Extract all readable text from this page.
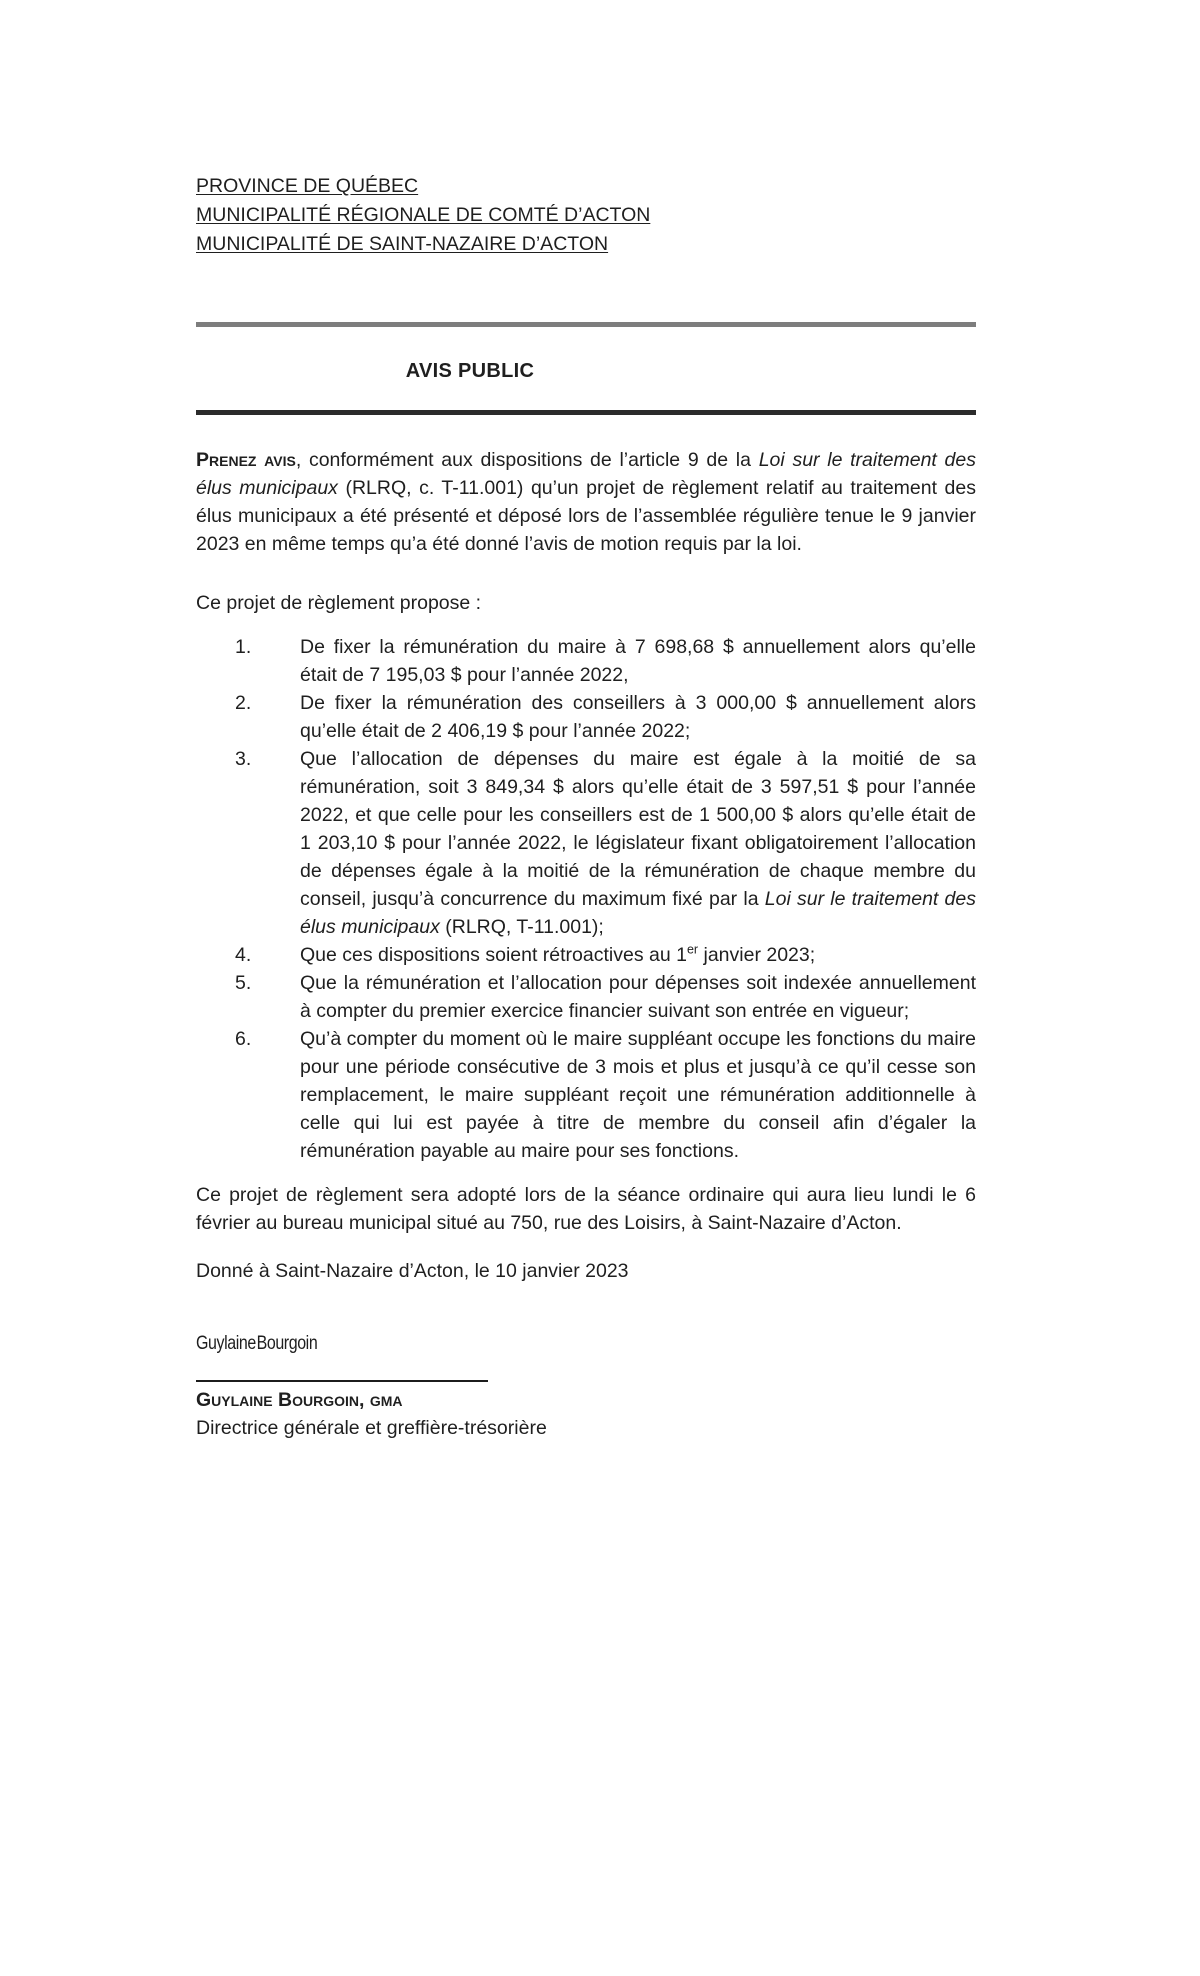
PROVINCE DE QUÉBEC
MUNICIPALITÉ RÉGIONALE DE COMTÉ D’ACTON
MUNICIPALITÉ DE SAINT-NAZAIRE D’ACTON
AVIS PUBLIC

Prenez avis, conformément aux dispositions de l’article 9 de la Loi sur le traitement des élus municipaux (RLRQ, c. T-11.001) qu’un projet de règlement relatif au traitement des élus municipaux a été présenté et déposé lors de l’assemblée régulière tenue le 9 janvier 2023 en même temps qu’a été donné l’avis de motion requis par la loi.

Ce projet de règlement propose :

1.	De fixer la rémunération du maire à 7 698,68 $ annuellement alors qu’elle était de 7 195,03 $ pour l’année 2022,
2.	De fixer la rémunération des conseillers à 3 000,00 $ annuellement alors qu’elle était de 2 406,19 $ pour l’année 2022;
3.	Que l’allocation de dépenses du maire est égale à la moitié de sa rémunération, soit 3 849,34 $ alors qu’elle était de 3 597,51 $ pour l’année 2022, et que celle pour les conseillers est de 1 500,00 $ alors qu’elle était de 1 203,10 $ pour l’année 2022, le législateur fixant obligatoirement l’allocation de dépenses égale à la moitié de la rémunération de chaque membre du conseil, jusqu’à concurrence du maximum fixé par la Loi sur le traitement des élus municipaux (RLRQ, T-11.001);
4.	Que ces dispositions soient rétroactives au 1er janvier 2023;
5.	Que la rémunération et l’allocation pour dépenses soit indexée annuellement à compter du premier exercice financier suivant son entrée en vigueur;
6.	Qu’à compter du moment où le maire suppléant occupe les fonctions du maire pour une période consécutive de 3 mois et plus et jusqu’à ce qu’il cesse son remplacement, le maire suppléant reçoit une rémunération additionnelle à celle qui lui est payée à titre de membre du conseil afin d’égaler la rémunération payable au maire pour ses fonctions.

Ce projet de règlement sera adopté lors de la séance ordinaire qui aura lieu lundi le 6 février au bureau municipal situé au 750, rue des Loisirs, à Saint-Nazaire d’Acton.

Donné à Saint-Nazaire d’Acton, le 10 janvier 2023

Guylaine Bourgoin
Guylaine Bourgoin, gma
Directrice générale et greffière-trésorière
